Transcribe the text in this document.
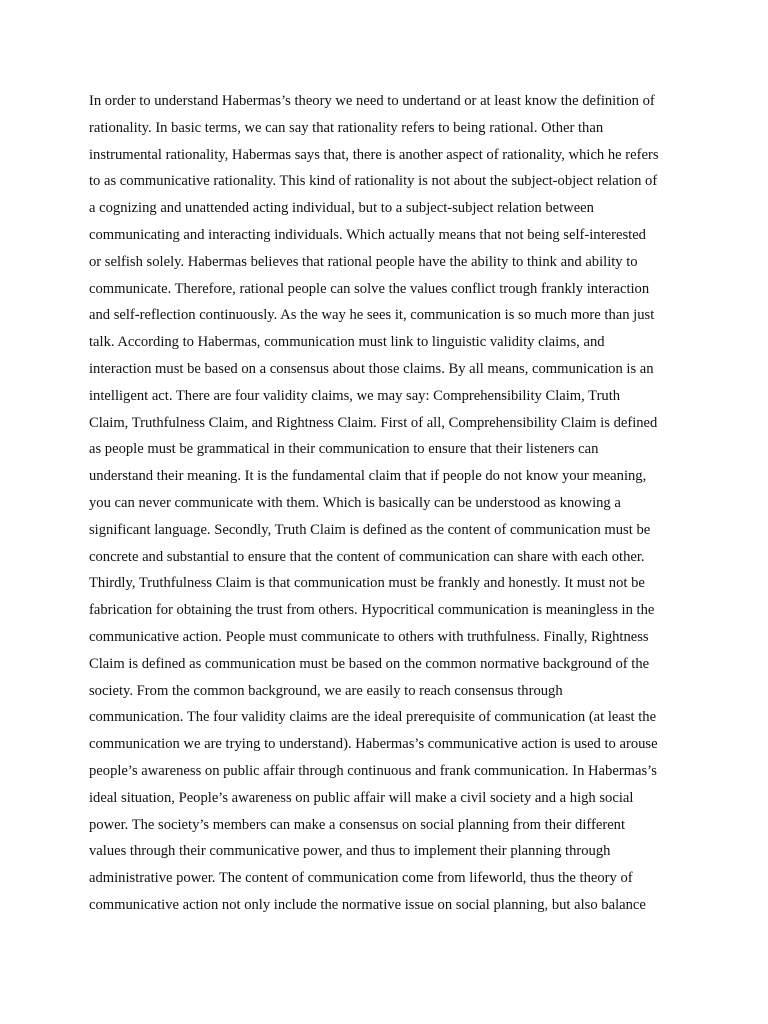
In order to understand Habermas’s theory we need to undertand or at least know the definition of
rationality. In basic terms, we can say that rationality refers to being rational. Other than
instrumental rationality, Habermas says that, there is another aspect of rationality, which he refers
to as communicative rationality. This kind of rationality is not about the subject-object relation of
a cognizing and unattended acting individual, but to a subject-subject relation between
communicating and interacting individuals. Which actually means that not being self-interested
or selfish solely. Habermas believes that rational people have the ability to think and ability to
communicate. Therefore, rational people can solve the values conflict trough frankly interaction
and self-reflection continuously. As the way he sees it, communication is so much more than just
talk. According to Habermas, communication must link to linguistic validity claims, and
interaction must be based on a consensus about those claims. By all means, communication is an
intelligent act. There are four validity claims, we may say: Comprehensibility Claim, Truth
Claim, Truthfulness Claim, and Rightness Claim. First of all, Comprehensibility Claim is defined
as people must be grammatical in their communication to ensure that their listeners can
understand their meaning. It is the fundamental claim that if people do not know your meaning,
you can never communicate with them. Which is basically can be understood as knowing a
significant language. Secondly, Truth Claim is defined as the content of communication must be
concrete and substantial to ensure that the content of communication can share with each other.
Thirdly, Truthfulness Claim is that communication must be frankly and honestly. It must not be
fabrication for obtaining the trust from others. Hypocritical communication is meaningless in the
communicative action. People must communicate to others with truthfulness. Finally, Rightness
Claim is defined as communication must be based on the common normative background of the
society. From the common background, we are easily to reach consensus through
communication. The four validity claims are the ideal prerequisite of communication (at least the
communication we are trying to understand). Habermas’s communicative action is used to arouse
people’s awareness on public affair through continuous and frank communication. In Habermas’s
ideal situation, People’s awareness on public affair will make a civil society and a high social
power. The society’s members can make a consensus on social planning from their different
values through their communicative power, and thus to implement their planning through
administrative power. The content of communication come from lifeworld, thus the theory of
communicative action not only include the normative issue on social planning, but also balance
